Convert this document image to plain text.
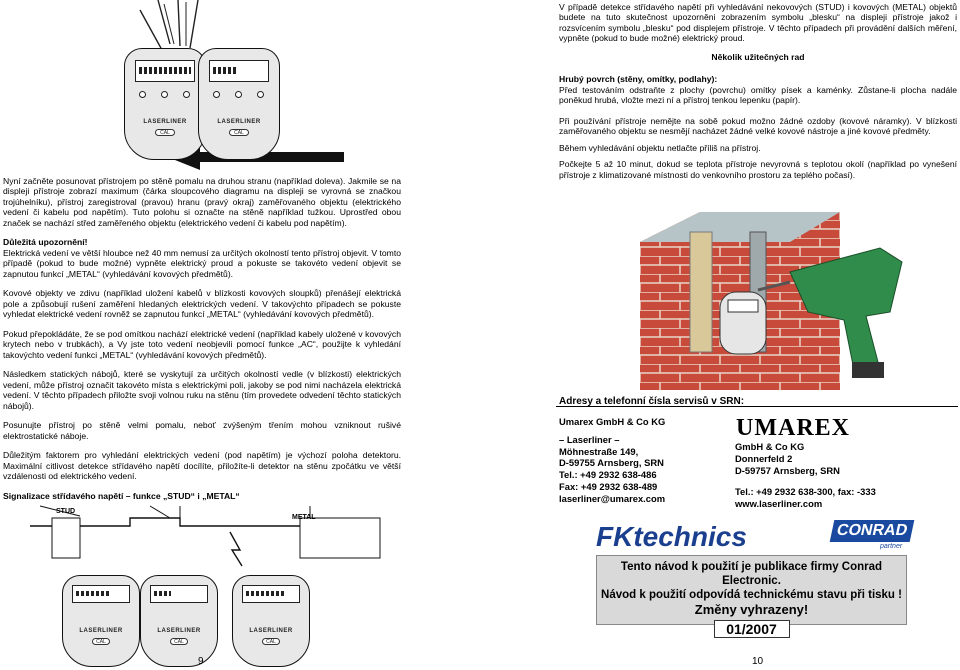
LASERLINER
CAL
LASERLINER
CAL

Nyní začněte posunovat přístrojem po stěně pomalu na druhou stranu (například doleva). Jakmile se na displeji přístroje zobrazí maximum (čárka sloupcového diagramu na displeji se vyrovná se značkou trojúhelníku), přístroj zaregistroval (pravou) hranu (pravý okraj) zaměřovaného objektu (elektrického vedení či kabelu pod napětím). Tuto polohu si označte na stěně například tužkou. Uprostřed obou značek se nachází střed zaměřeného objektu (elektrického vedení či kabelu pod napětím).

Důležitá upozornění!

Elektrická vedení ve větší hloubce než 40 mm nemusí za určitých okolností tento přístroj objevit. V tomto případě (pokud to bude možné) vypněte elektrický proud a pokuste se takovéto vedení objevit se zapnutou funkcí „METAL“ (vyhledávání kovových předmětů).

Kovové objekty ve zdivu (například uložení kabelů v blízkosti kovových sloupků) přenášejí elektrická pole a způsobují rušení zaměření hledaných elektrických vedení. V takovýchto případech se pokuste vyhledat elektrické vedení rovněž se zapnutou funkcí „METAL“ (vyhledávání kovových předmětů).

Pokud přepokládáte, že se pod omítkou nachází elektrické vedení (například kabely uložené v kovových krytech nebo v trubkách), a Vy jste toto vedení neobjevili pomocí funkce „AC“, použijte k vyhledání takovýchto vedení funkci „METAL“ (vyhledávání kovových předmětů).

Následkem statických nábojů, které se vyskytují za určitých okolností vedle (v blízkosti) elektrických vedení, může přístroj označit takovéto místa s elektrickými poli, jakoby se pod nimi nacházela elektrická vedení. V těchto případech přiložte svoji volnou ruku na stěnu (tím provedete odvedení těchto statických nábojů).

Posunujte přístroj po stěně velmi pomalu, neboť zvýšeným třením mohou vzniknout rušivé elektrostatické náboje.

Důležitým faktorem pro vyhledání elektrických vedení (pod napětím) je výchozí poloha detektoru. Maximální citlivost detekce střídavého napětí docílíte, přiložíte-li detektor na stěnu zpočátku ve větší vzdálenosti od elektrického vedení.

Signalizace střídavého napětí – funkce „STUD“ i „METAL“

STUD
METAL
LASERLINER
CAL
LASERLINER
CAL
LASERLINER
CAL
9

V případě detekce střídavého napětí při vyhledávání nekovových (STUD) i kovových (METAL) objektů budete na tuto skutečnost upozorněni zobrazením symbolu „blesku“ na displeji přístroje jakož i rozsvícením symbolu „blesku“ pod displejem přístroje. V těchto případech při provádění dalších měření, vypněte (pokud to bude možné) elektrický proud.

Několik užitečných rad

Hrubý povrch (stěny, omítky, podlahy):

Před testováním odstraňte z plochy (povrchu) omítky písek a kaménky. Zůstane-li plocha nadále poněkud hrubá, vložte mezi ní a přístroj tenkou lepenku (papír).

Při používání přístroje nemějte na sobě pokud možno žádné ozdoby (kovové náramky). V blízkosti zaměřovaného objektu se nesmějí nacházet žádné velké kovové nástroje a jiné kovové předměty.

Během vyhledávání objektu netlačte příliš na přístroj.

Počkejte 5 až 10 minut, dokud se teplota přístroje nevyrovná s teplotou okolí (například po vynešení přístroje z klimatizované místnosti do venkovního prostoru za teplého počasí).

Adresy a telefonní čísla servisů v SRN:

Umarex GmbH & Co KG

– Laserliner –

Möhnestraße 149,

D-59755 Arnsberg, SRN

Tel.: +49 2932 638-486

Fax: +49 2932 638-489

laserliner@umarex.com

UMAREX

GmbH & Co KG

Donnerfeld 2

D-59757 Arnsberg, SRN

Tel.: +49 2932 638-300, fax: -333

www.laserliner.com

FKtechnics	CONRAD
partner

Tento návod k použití je publikace firmy Conrad Electronic.

Návod k použití odpovídá technickému stavu při tisku !

Změny vyhrazeny!

01/2007
10
